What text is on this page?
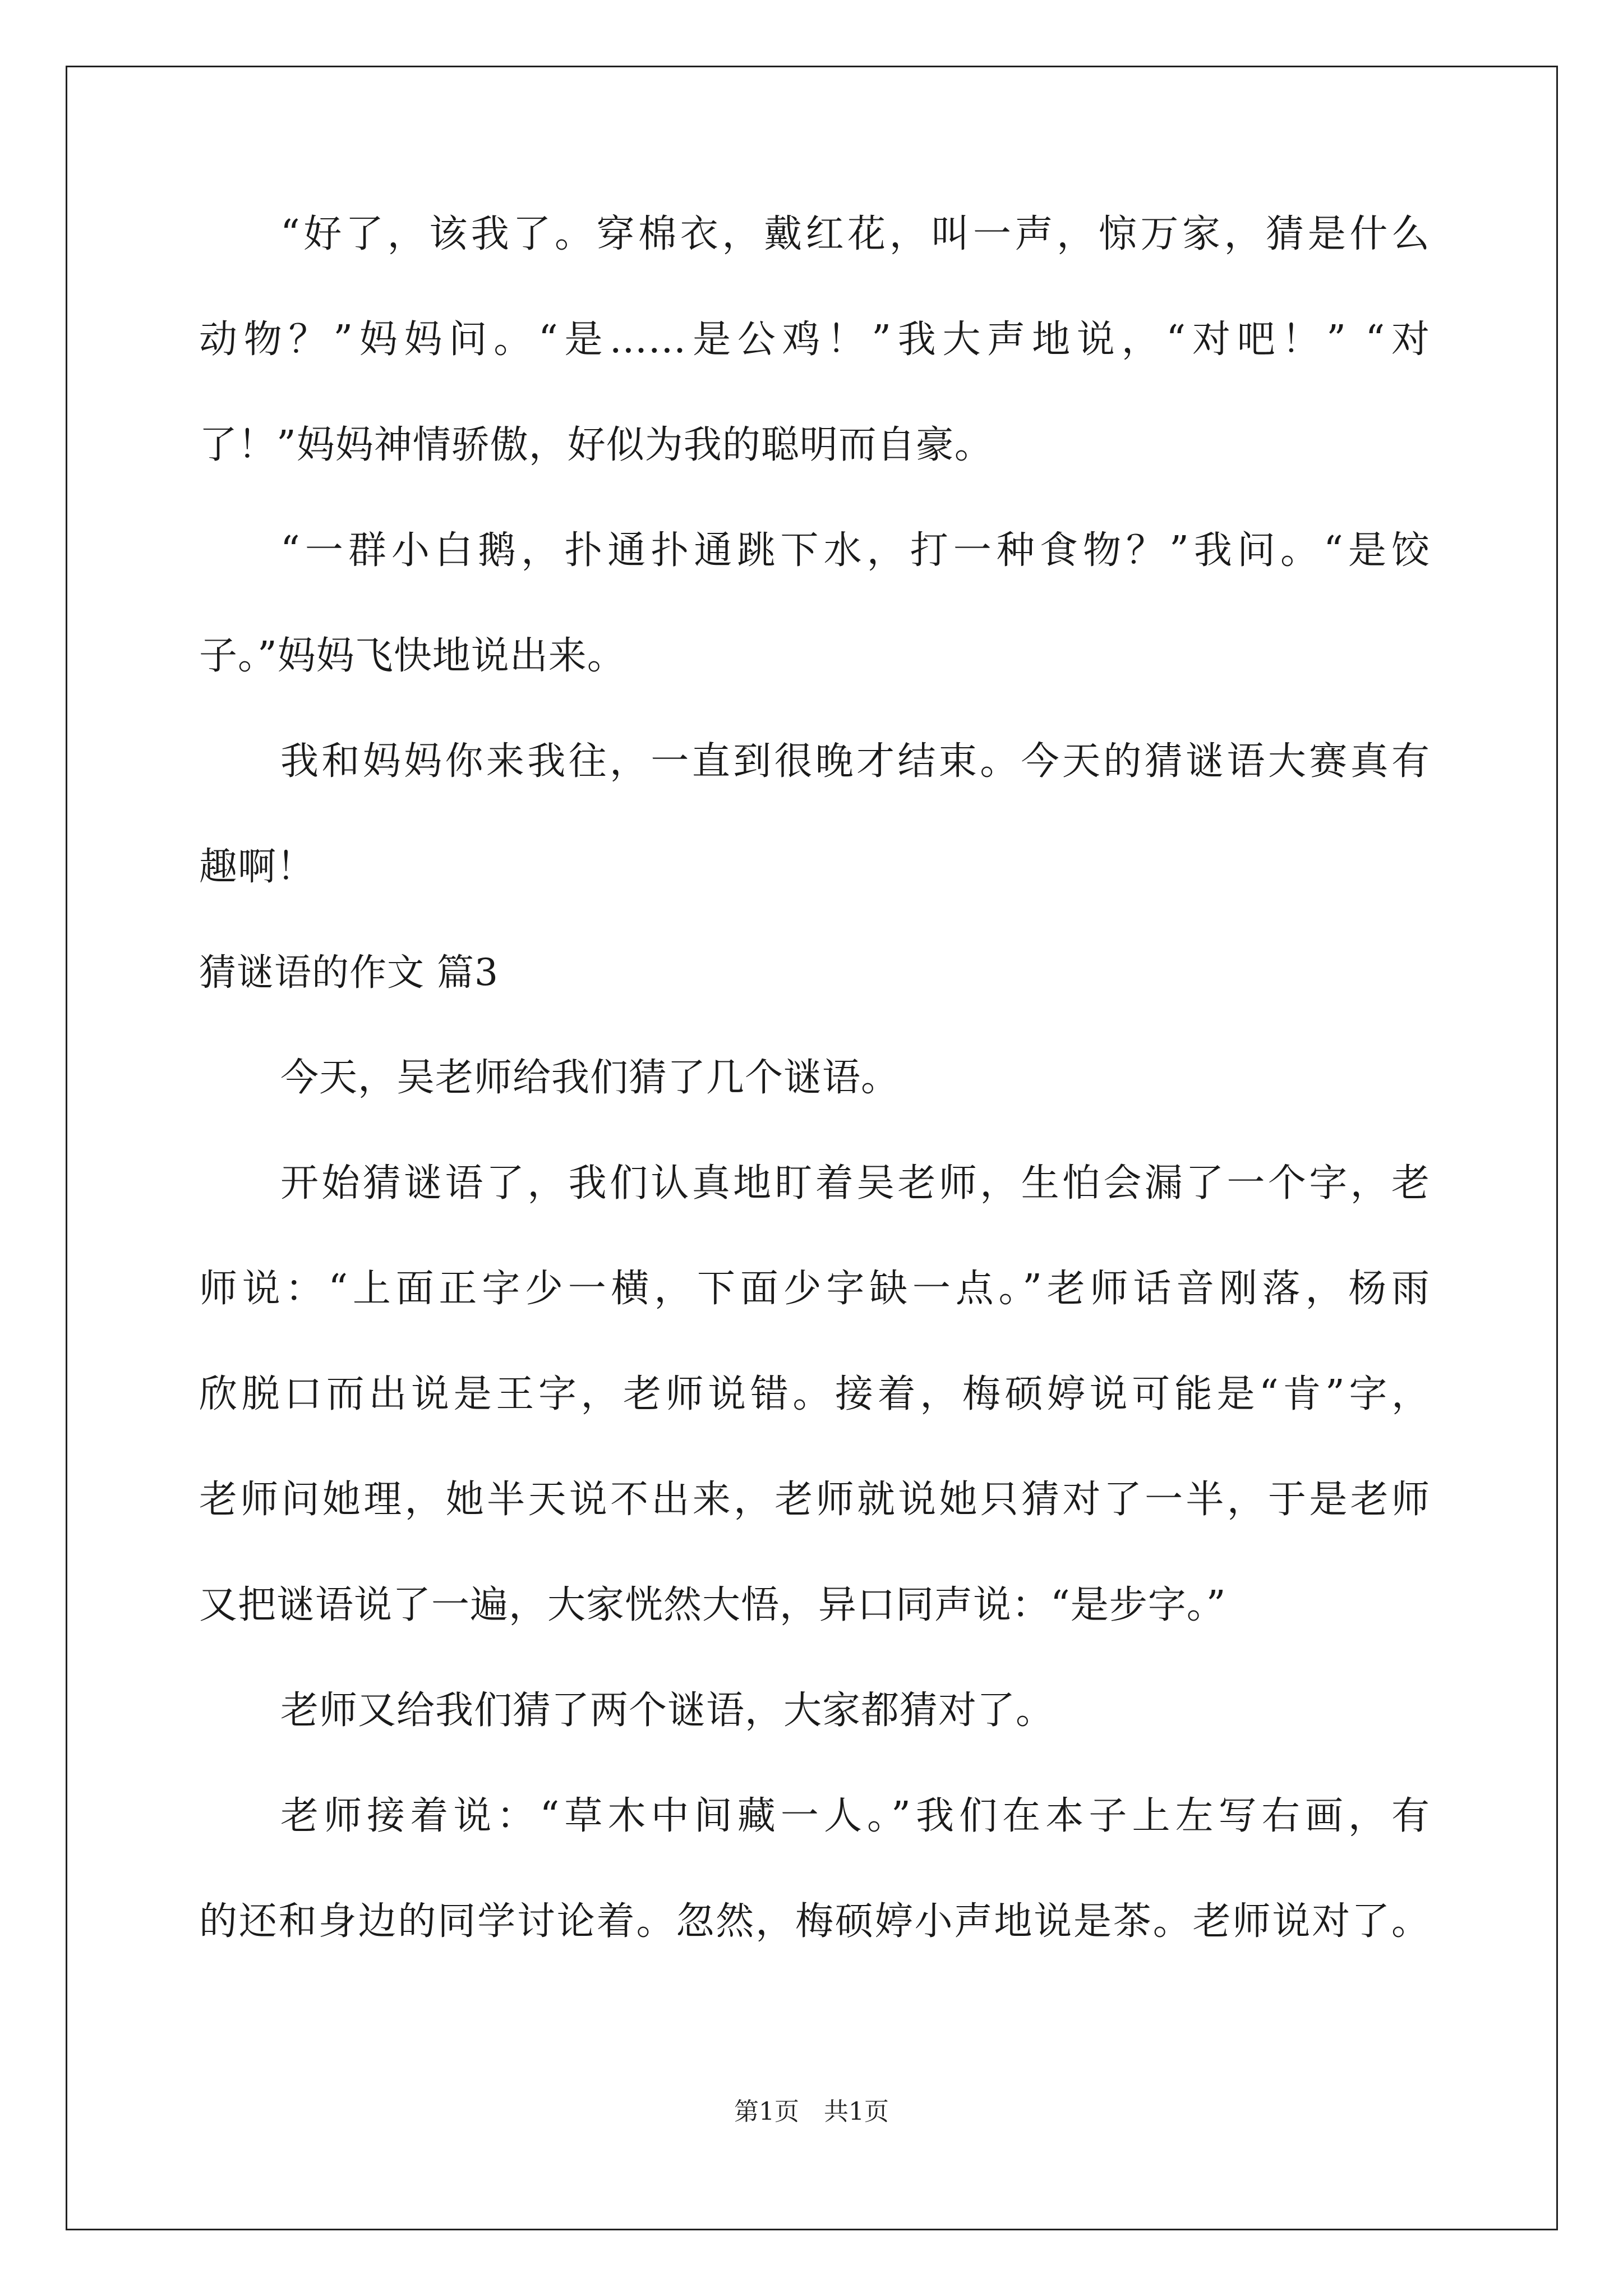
“好了，该我了。穿棉衣，戴红花，叫一声，惊万家，猜是什么
动物？”妈妈问。“是……是公鸡！”我大声地说，“对吧！” “对
了！”妈妈神情骄傲，好似为我的聪明而自豪。
“一群小白鹅，扑通扑通跳下水，打一种食物？”我问。“是饺
子。”妈妈飞快地说出来。
我和妈妈你来我往，一直到很晚才结束。今天的猜谜语大赛真有
趣啊！
猜谜语的作文 篇3
今天，吴老师给我们猜了几个谜语。
开始猜谜语了，我们认真地盯着吴老师，生怕会漏了一个字，老
师说：“上面正字少一横，下面少字缺一点。”老师话音刚落，杨雨
欣脱口而出说是王字，老师说错。接着，梅硕婷说可能是“肯”字，
老师问她理，她半天说不出来，老师就说她只猜对了一半，于是老师
又把谜语说了一遍，大家恍然大悟，异口同声说：“是步字。”
老师又给我们猜了两个谜语，大家都猜对了。
老师接着说：“草木中间藏一人。”我们在本子上左写右画，有
的还和身边的同学讨论着。忽然，梅硕婷小声地说是茶。老师说对了。
第1页　共1页
